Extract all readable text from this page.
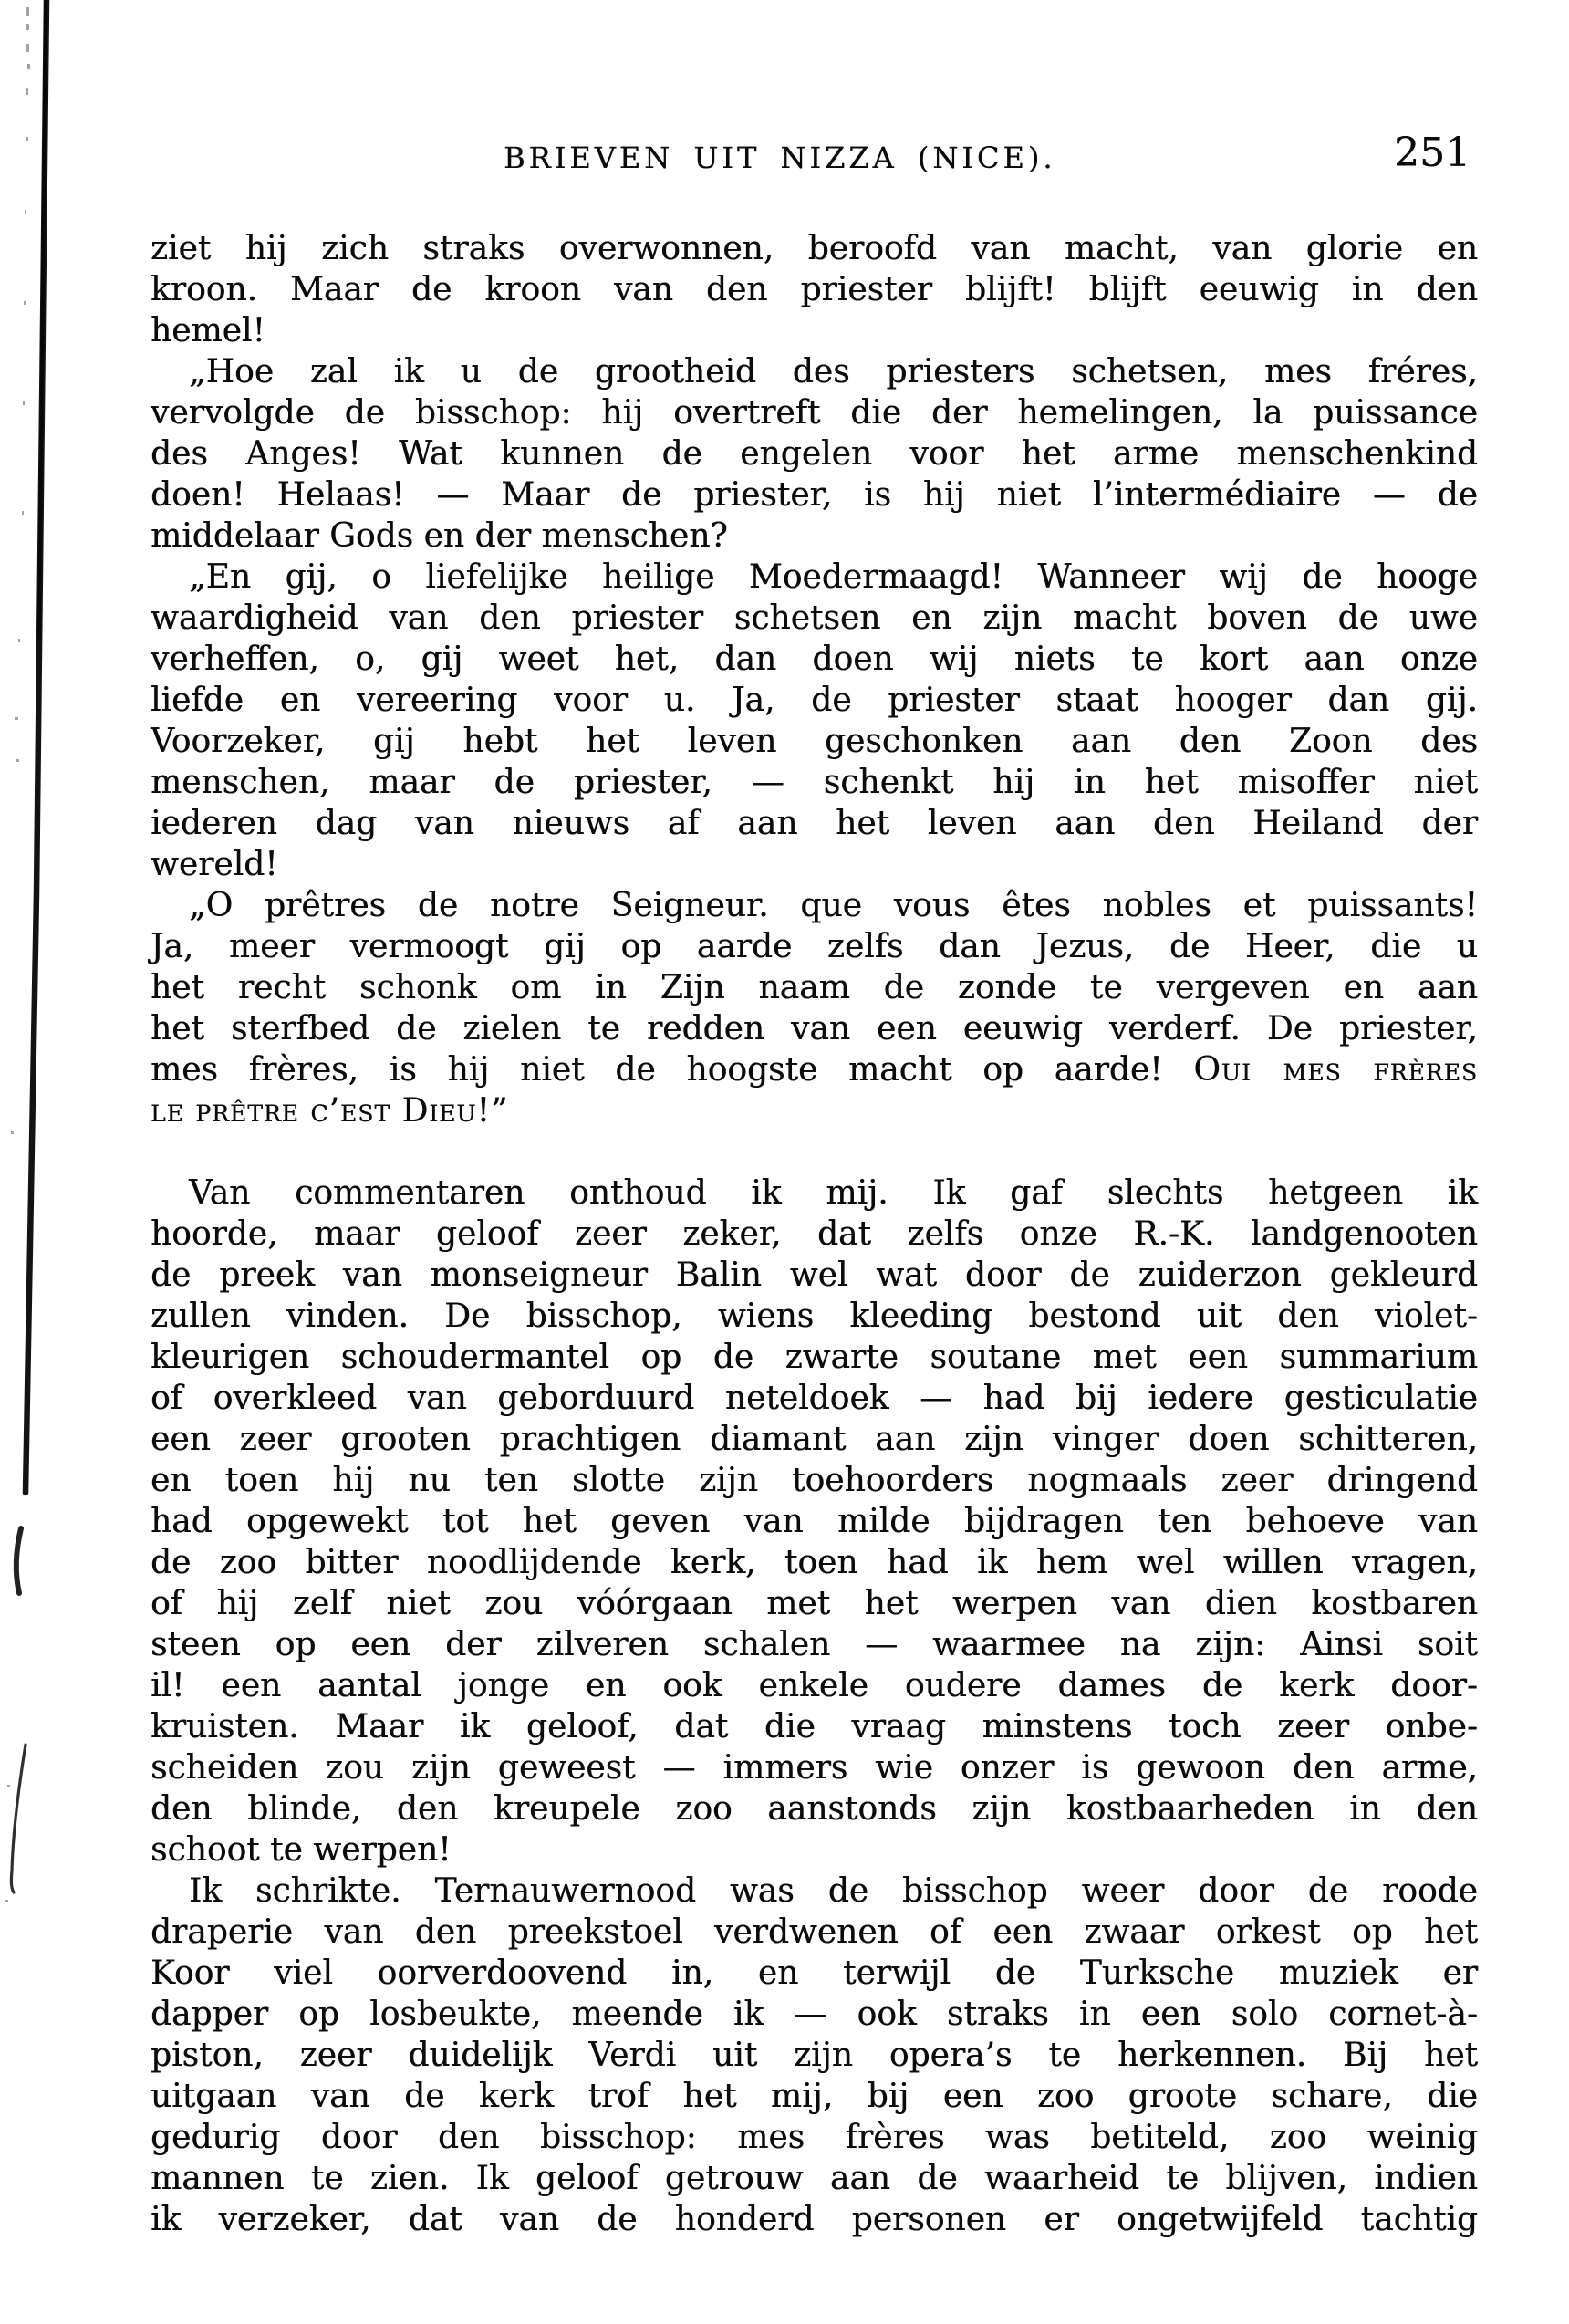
BRIEVEN UIT NIZZA (NICE).	251
ziet hij zich straks overwonnen, beroofd van macht, van glorie en
kroon. Maar de kroon van den priester blijft! blijft eeuwig in den
hemel!
„Hoe zal ik u de grootheid des priesters schetsen, mes fréres,
vervolgde de bisschop: hij overtreft die der hemelingen, la puissance
des Anges! Wat kunnen de engelen voor het arme menschenkind
doen! Helaas! — Maar de priester, is hij niet l’intermédiaire — de
middelaar Gods en der menschen?
„En gij, o liefelijke heilige Moedermaagd! Wanneer wij de hooge
waardigheid van den priester schetsen en zijn macht boven de uwe
verheffen, o, gij weet het, dan doen wij niets te kort aan onze
liefde en vereering voor u. Ja, de priester staat hooger dan gij.
Voorzeker, gij hebt het leven geschonken aan den Zoon des
menschen, maar de priester, — schenkt hij in het misoffer niet
iederen dag van nieuws af aan het leven aan den Heiland der
wereld!
„O prêtres de notre Seigneur. que vous êtes nobles et puissants!
Ja, meer vermoogt gij op aarde zelfs dan Jezus, de Heer, die u
het recht schonk om in Zijn naam de zonde te vergeven en aan
het sterfbed de zielen te redden van een eeuwig verderf. De priester,
mes frères, is hij niet de hoogste macht op aarde! Oui mes frères
le prêtre c’est Dieu!”
Van commentaren onthoud ik mij. Ik gaf slechts hetgeen ik
hoorde, maar geloof zeer zeker, dat zelfs onze R.-K. landgenooten
de preek van monseigneur Balin wel wat door de zuiderzon gekleurd
zullen vinden. De bisschop, wiens kleeding bestond uit den violet-
kleurigen schoudermantel op de zwarte soutane met een summarium
of overkleed van geborduurd neteldoek — had bij iedere gesticulatie
een zeer grooten prachtigen diamant aan zijn vinger doen schitteren,
en toen hij nu ten slotte zijn toehoorders nogmaals zeer dringend
had opgewekt tot het geven van milde bijdragen ten behoeve van
de zoo bitter noodlijdende kerk, toen had ik hem wel willen vragen,
of hij zelf niet zou vóórgaan met het werpen van dien kostbaren
steen op een der zilveren schalen — waarmee na zijn: Ainsi soit
il! een aantal jonge en ook enkele oudere dames de kerk door-
kruisten. Maar ik geloof, dat die vraag minstens toch zeer onbe-
scheiden zou zijn geweest — immers wie onzer is gewoon den arme,
den blinde, den kreupele zoo aanstonds zijn kostbaarheden in den
schoot te werpen!
Ik schrikte. Ternauwernood was de bisschop weer door de roode
draperie van den preekstoel verdwenen of een zwaar orkest op het
Koor viel oorverdoovend in, en terwijl de Turksche muziek er
dapper op losbeukte, meende ik — ook straks in een solo cornet-à-
piston, zeer duidelijk Verdi uit zijn opera’s te herkennen. Bij het
uitgaan van de kerk trof het mij, bij een zoo groote schare, die
gedurig door den bisschop: mes frères was betiteld, zoo weinig
mannen te zien. Ik geloof getrouw aan de waarheid te blijven, indien
ik verzeker, dat van de honderd personen er ongetwijfeld tachtig
